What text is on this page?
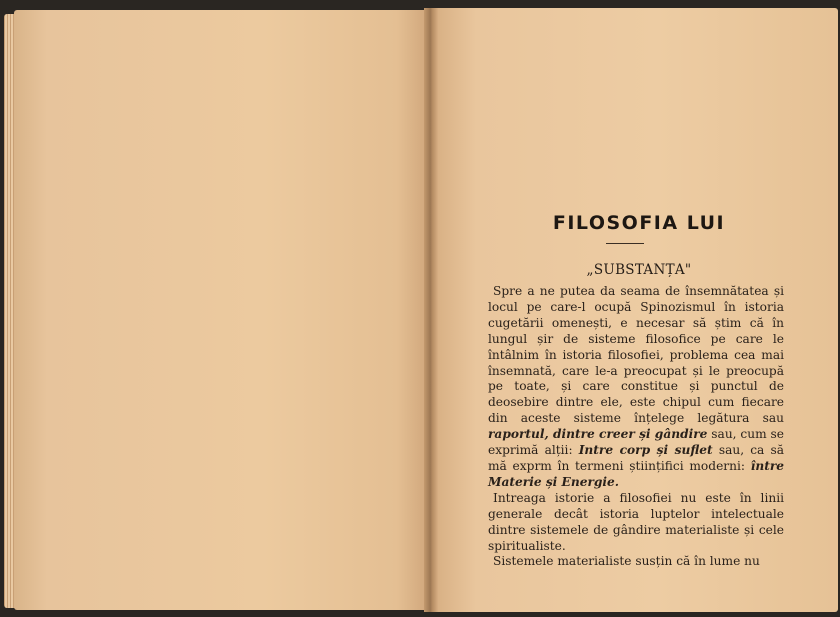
FILOSOFIA LUI
„SUBSTANȚA"

Spre a ne putea da seama de însemnătatea și locul pe care-l ocupă Spinozismul în istoria cugetării omenești, e necesar să știm că în lungul șir de sisteme filosofice pe care le întâlnim în istoria filosofiei, problema cea mai însemnată, care le-a preocupat și le preocupă pe toate, și care constitue și punctul de deosebire dintre ele, este chipul cum fiecare din aceste sisteme înțelege legătura sau raportul, dintre creer și gândire sau, cum se exprimă alții: Intre corp și suflet sau, ca să mă exprm în termeni științifici moderni: între Materie și Energie.

Intreaga istorie a filosofiei nu este în linii generale decât istoria luptelor intelectuale dintre sistemele de gândire materialiste și cele spiritualiste.

Sistemele materialiste susțin că în lume nu
